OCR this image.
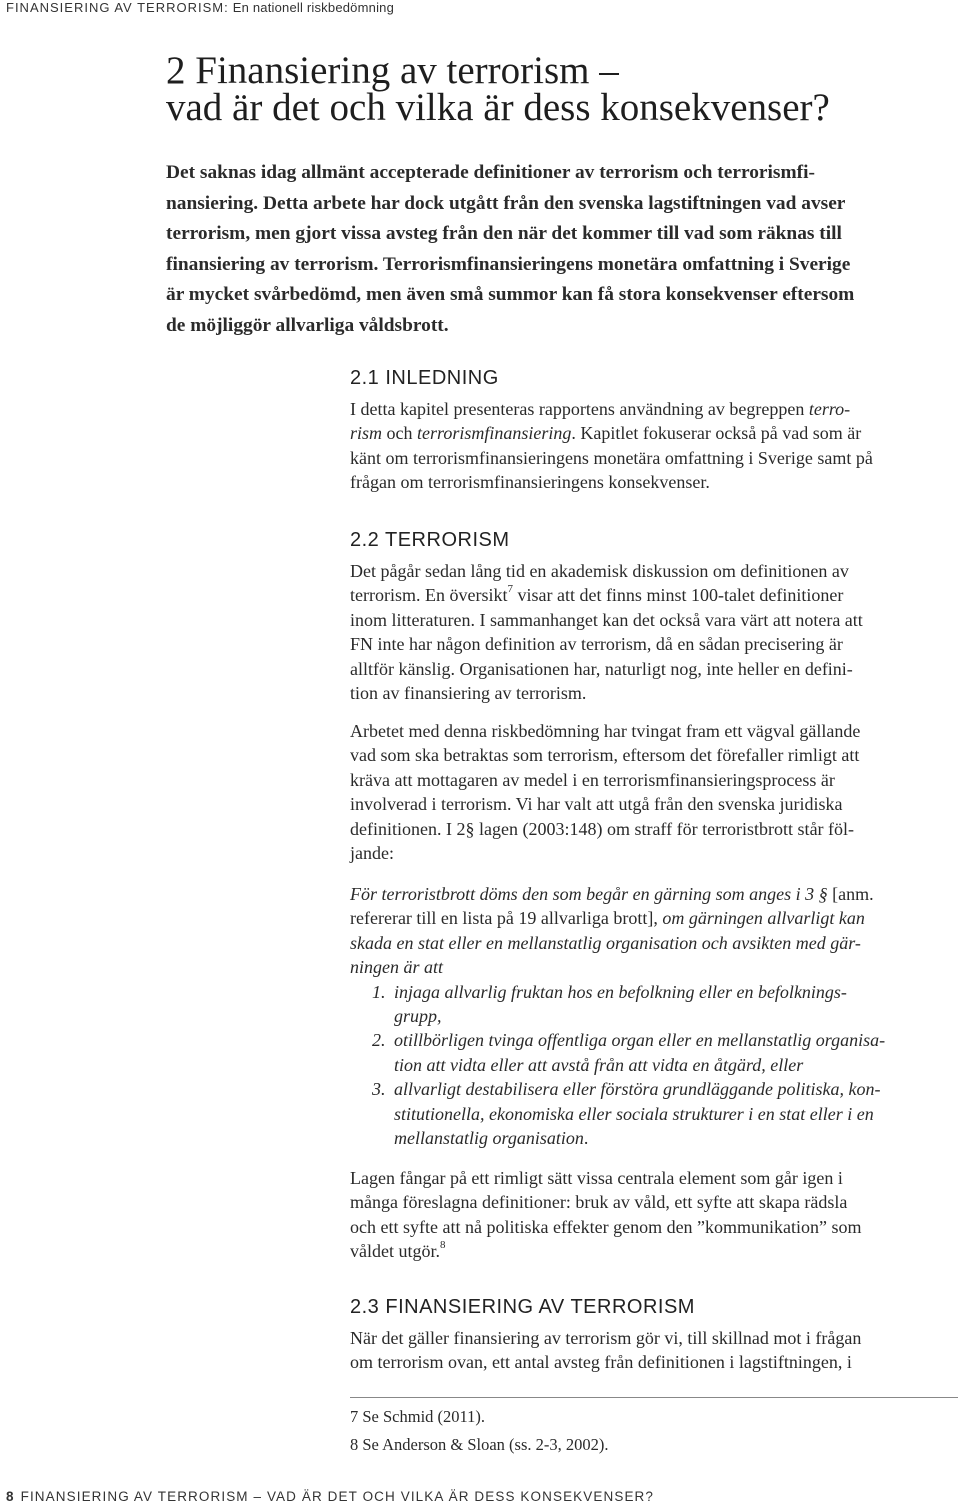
FINANSIERING AV TERRORISM: En nationell riskbedömning
2 Finansiering av terrorism –
vad är det och vilka är dess konsekvenser?
Det saknas idag allmänt accepterade definitioner av terrorism och terrorismfi-
nansiering. Detta arbete har dock utgått från den svenska lagstiftningen vad avser
terrorism, men gjort vissa avsteg från den när det kommer till vad som räknas till
finansiering av terrorism. Terrorismfinansieringens monetära omfattning i Sverige
är mycket svårbedömd, men även små summor kan få stora konsekvenser eftersom
de möjliggör allvarliga våldsbrott.
2.1 INLEDNING
I detta kapitel presenteras rapportens användning av begreppen terro-
rism och terrorismfinansiering. Kapitlet fokuserar också på vad som är
känt om terrorismfinansieringens monetära omfattning i Sverige samt på
frågan om terrorismfinansieringens konsekvenser.
2.2 TERRORISM
Det pågår sedan lång tid en akademisk diskussion om definitionen av
terrorism. En översikt$^7$ visar att det finns minst 100-talet definitioner
inom litteraturen. I sammanhanget kan det också vara värt att notera att
FN inte har någon definition av terrorism, då en sådan precisering är
alltför känslig. Organisationen har, naturligt nog, inte heller en defini-
tion av finansiering av terrorism.
Arbetet med denna riskbedömning har tvingat fram ett vägval gällande
vad som ska betraktas som terrorism, eftersom det förefaller rimligt att
kräva att mottagaren av medel i en terrorismfinansieringsprocess är
involverad i terrorism. Vi har valt att utgå från den svenska juridiska
definitionen. I 2§ lagen (2003:148) om straff för terroristbrott står föl-
jande:
För terroristbrott döms den som begår en gärning som anges i 3 § [anm.
refererar till en lista på 19 allvarliga brott], om gärningen allvarligt kan
skada en stat eller en mellanstatlig organisation och avsikten med gär-
ningen är att
1. injaga allvarlig fruktan hos en befolkning eller en befolknings-
grupp,
2. otillbörligen tvinga offentliga organ eller en mellanstatlig organisa-
tion att vidta eller att avstå från att vidta en åtgärd, eller
3. allvarligt destabilisera eller förstöra grundläggande politiska, kon-
stitutionella, ekonomiska eller sociala strukturer i en stat eller i en
mellanstatlig organisation.
Lagen fångar på ett rimligt sätt vissa centrala element som går igen i
många föreslagna definitioner: bruk av våld, ett syfte att skapa rädsla
och ett syfte att nå politiska effekter genom den ”kommunikation” som
våldet utgör.$^8$
2.3 FINANSIERING AV TERRORISM
När det gäller finansiering av terrorism gör vi, till skillnad mot i frågan
om terrorism ovan, ett antal avsteg från definitionen i lagstiftningen, i
7 Se Schmid (2011).
8 Se Anderson & Sloan (ss. 2-3, 2002).
8 FINANSIERING AV TERRORISM – VAD ÄR DET OCH VILKA ÄR DESS KONSEKVENSER?
